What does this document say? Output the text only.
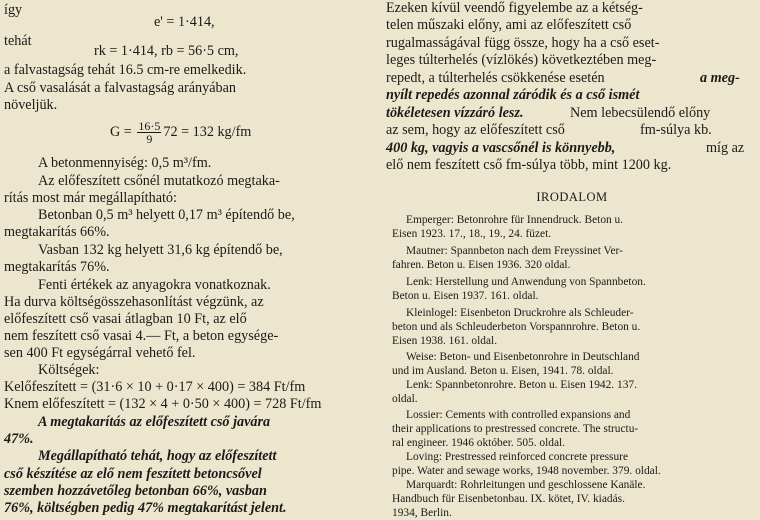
így
e' = 1·414,
tehát
rk = 1·414, rb = 56·5 cm,
a falvastagság tehát 16.5 cm-re emelkedik.
A cső vasalását a falvastagság arányában
növeljük.
A betonmennyiség: 0,5 m³/fm.
Az előfeszített csőnél mutatkozó megtaka-
rítás most már megállapítható:
Betonban 0,5 m³ helyett 0,17 m³ építendő be,
megtakarítás 66%.
Vasban 132 kg helyett 31,6 kg építendő be,
megtakarítás 76%.
Fenti értékek az anyagokra vonatkoznak.
Ha durva költségösszehasonlítást végzünk, az
előfeszített cső vasai átlagban 10 Ft, az elő
nem feszített cső vasai 4.— Ft, a beton egysége-
sen 400 Ft egységárral vehető fel.
Költségek:
Kelőfeszített = (31·6 × 10 + 0·17 × 400) = 384 Ft/fm
Knem előfeszített = (132 × 4 + 0·50 × 400) = 728 Ft/fm
A megtakarítás az előfeszített cső javára
47%.
Megállapítható tehát, hogy az előfeszített
cső készítése az elő nem feszített betoncsővel
szemben hozzávetőleg betonban 66%, vasban
76%, költségben pedig 47% megtakarítást jelent.
$G = \frac{16\cdot 5}{9} 72 = 132$ kg/fm
IRODALOM
Ezeken kívül veendő figyelembe az a kétség-
telen műszaki előny, ami az előfeszített cső
rugalmasságával függ össze, hogy ha a cső eset-
leges túlterhelés (vízlökés) következtében meg-
repedt, a túlterhelés csökkenése esetén
fm-súlya kb.
a meg-
nyílt repedés azonnal záródik és a cső ismét
tökéletesen vízzáró lesz.
400 kg, vagyis a vascsőnél is könnyebb,
Nem lebecsülendő előny
az sem, hogy az előfeszített cső
míg az
elő nem feszített cső fm-súlya több, mint 1200 kg.
Emperger: Betonrohre für Innendruck. Beton u.
Eisen 1923. 17., 18., 19., 24. füzet.
Mautner: Spannbeton nach dem Freyssinet Ver-
fahren. Beton u. Eisen 1936. 320 oldal.
Lenk: Herstellung und Anwendung von Spannbeton.
Beton u. Eisen 1937. 161. oldal.
Kleinlogel: Eisenbeton Druckrohre als Schleuder-
beton und als Schleuderbeton Vorspannrohre. Beton u.
Eisen 1938. 161. oldal.
Weise: Beton- und Eisenbetonrohre in Deutschland
und im Ausland. Beton u. Eisen, 1941. 78. oldal.
Lenk: Spannbetonrohre. Beton u. Eisen 1942. 137.
oldal.
Lossier: Cements with controlled expansions and
their applications to prestressed concrete. The structu-
ral engineer. 1946 október. 505. oldal.
Loving: Prestressed reinforced concrete pressure
pipe. Water and sewage works, 1948 november. 379. oldal.
Marquardt: Rohrleitungen und geschlossene Kanäle.
Handbuch für Eisenbetonbau. IX. kötet, IV. kiadás.
1934, Berlin.
